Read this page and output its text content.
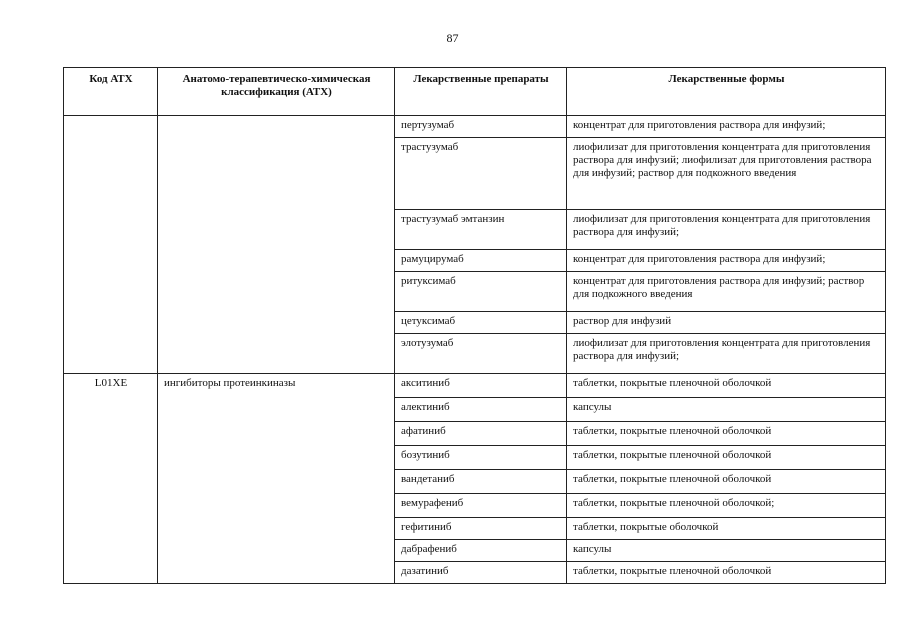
87
Код АТХ	Анатомо-терапевтическо-химическая классификация (АТХ)	Лекарственные препараты	Лекарственные формы
		пертузумаб	концентрат для приготовления раствора для инфузий;
		трастузумаб	лиофилизат для приготовления концентрата для приготовления раствора для инфузий; лиофилизат для приготовления раствора для инфузий; раствор для подкожного введения
		трастузумаб эмтанзин	лиофилизат для приготовления концентрата для приготовления раствора для инфузий;
		рамуцирумаб	концентрат для приготовления раствора для инфузий;
		ритуксимаб	концентрат для приготовления раствора для инфузий; раствор для подкожного введения
		цетуксимаб	раствор для инфузий
		элотузумаб	лиофилизат для приготовления концентрата для приготовления раствора для инфузий;
L01XE	ингибиторы протеинкиназы	акситиниб	таблетки, покрытые пленочной оболочкой
		алектиниб	капсулы
		афатиниб	таблетки, покрытые пленочной оболочкой
		бозутиниб	таблетки, покрытые пленочной оболочкой
		вандетаниб	таблетки, покрытые пленочной оболочкой
		вемурафениб	таблетки, покрытые пленочной оболочкой;
		гефитиниб	таблетки, покрытые оболочкой
		дабрафениб	капсулы
		дазатиниб	таблетки, покрытые пленочной оболочкой
